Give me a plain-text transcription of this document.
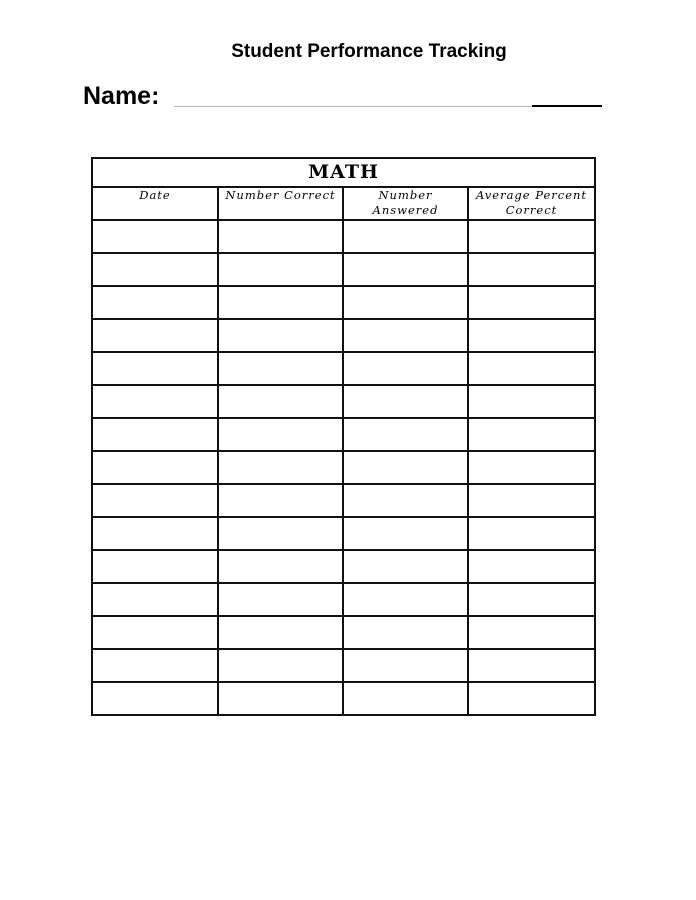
Student Performance Tracking
Name:
MATH			
Date	Number Correct	Number Answered	Average Percent Correct
